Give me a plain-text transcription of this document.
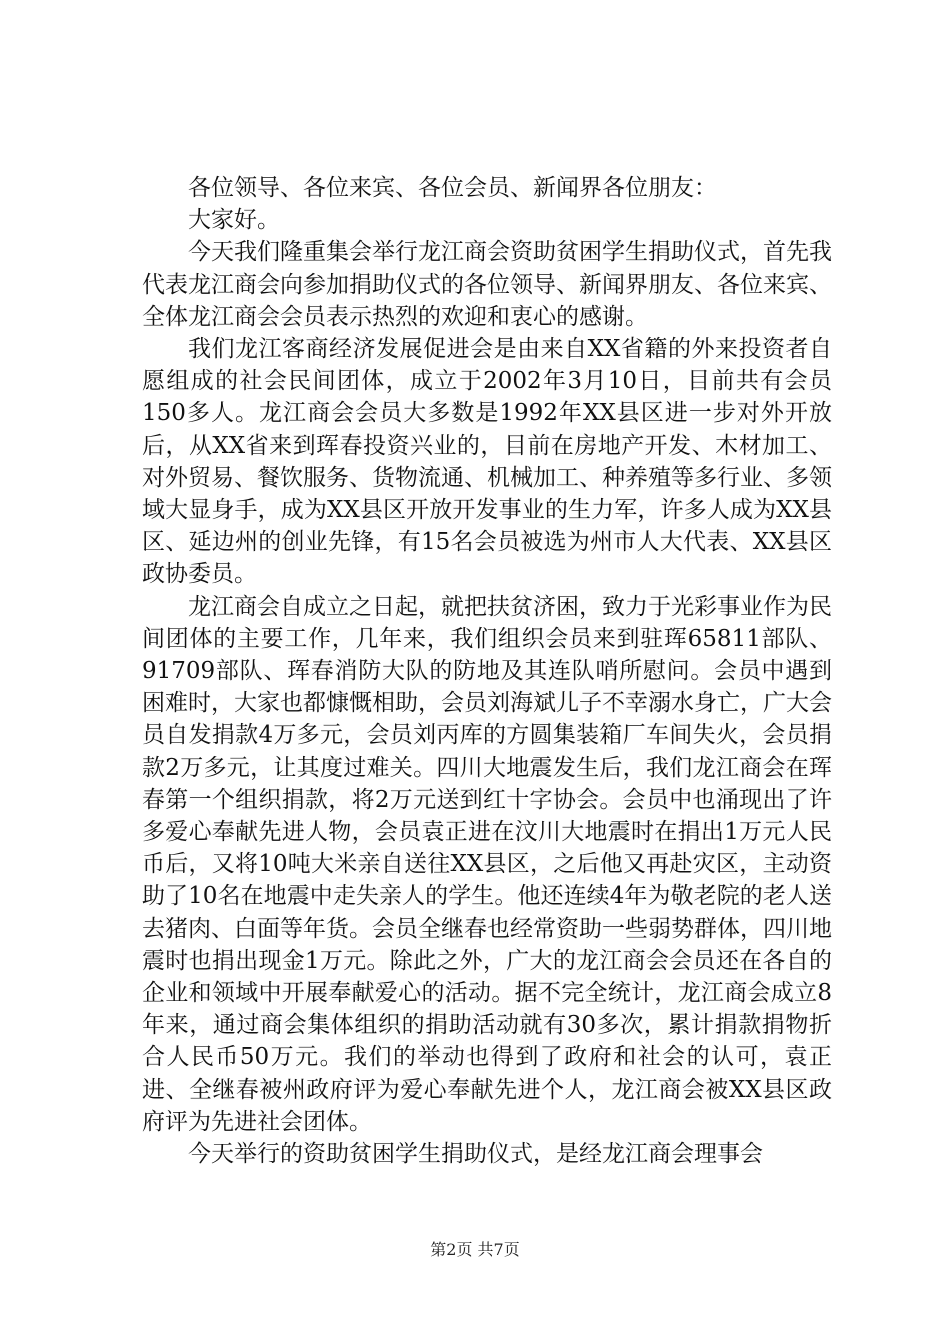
各位领导、各位来宾、各位会员、新闻界各位朋友：

大家好。

今天我们隆重集会举行龙江商会资助贫困学生捐助仪式，首先我代表龙江商会向参加捐助仪式的各位领导、新闻界朋友、各位来宾、全体龙江商会会员表示热烈的欢迎和衷心的感谢。

我们龙江客商经济发展促进会是由来自XX省籍的外来投资者自愿组成的社会民间团体，成立于2002年3月10日，目前共有会员150多人。龙江商会会员大多数是1992年XX县区进一步对外开放后，从XX省来到珲春投资兴业的，目前在房地产开发、木材加工、对外贸易、餐饮服务、货物流通、机械加工、种养殖等多行业、多领域大显身手，成为XX县区开放开发事业的生力军，许多人成为XX县区、延边州的创业先锋，有15名会员被选为州市人大代表、XX县区政协委员。

龙江商会自成立之日起，就把扶贫济困，致力于光彩事业作为民间团体的主要工作，几年来，我们组织会员来到驻珲65811部队、91709部队、珲春消防大队的防地及其连队哨所慰问。会员中遇到困难时，大家也都慷慨相助，会员刘海斌儿子不幸溺水身亡，广大会员自发捐款4万多元，会员刘丙库的方圆集装箱厂车间失火，会员捐款2万多元，让其度过难关。四川大地震发生后，我们龙江商会在珲春第一个组织捐款，将2万元送到红十字协会。会员中也涌现出了许多爱心奉献先进人物，会员袁正进在汶川大地震时在捐出1万元人民币后，又将10吨大米亲自送往XX县区，之后他又再赴灾区，主动资助了10名在地震中走失亲人的学生。他还连续4年为敬老院的老人送去猪肉、白面等年货。会员全继春也经常资助一些弱势群体，四川地震时也捐出现金1万元。除此之外，广大的龙江商会会员还在各自的企业和领域中开展奉献爱心的活动。据不完全统计，龙江商会成立8年来，通过商会集体组织的捐助活动就有30多次，累计捐款捐物折合人民币50万元。我们的举动也得到了政府和社会的认可，袁正进、全继春被州政府评为爱心奉献先进个人，龙江商会被XX县区政府评为先进社会团体。

今天举行的资助贫困学生捐助仪式，是经龙江商会理事会

第2页 共7页
